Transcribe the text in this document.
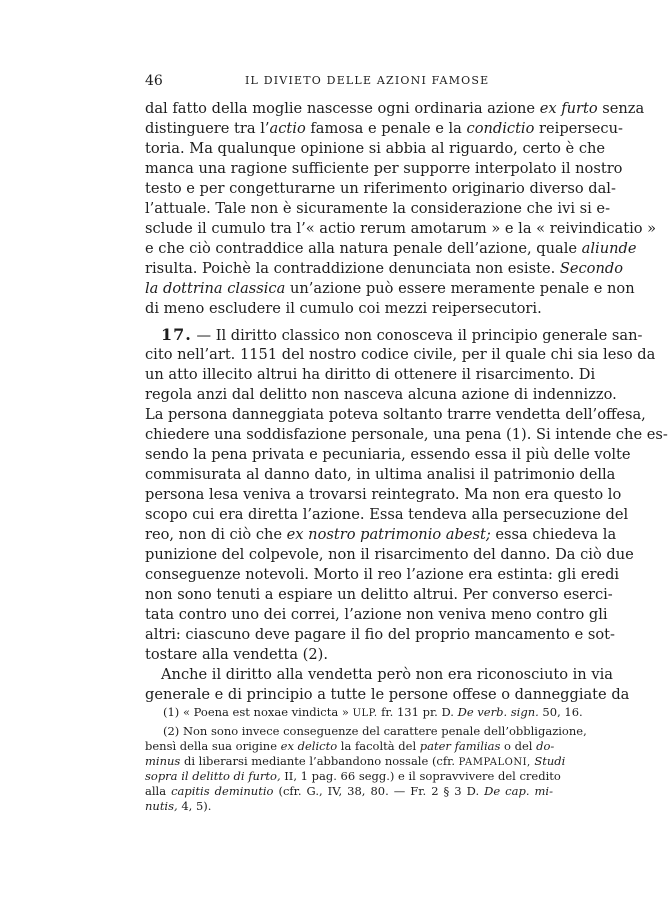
46	IL DIVIETO DELLE AZIONI FAMOSE
dal fatto della moglie nascesse ogni ordinaria azione ex furto senza
distinguere tra l’actio famosa e penale e la condictio reipersecu-
toria. Ma qualunque opinione si abbia al riguardo, certo è che
manca una ragione sufficiente per supporre interpolato il nostro
testo e per congetturarne un riferimento originario diverso dal-
l’attuale. Tale non è sicuramente la considerazione che ivi si e-
sclude il cumulo tra l’« actio rerum amotarum » e la « reivindicatio »
e che ciò contraddice alla natura penale dell’azione, quale aliunde
risulta. Poichè la contraddizione denunciata non esiste. Secondo
la dottrina classica un’azione può essere meramente penale e non
di meno escludere il cumulo coi mezzi reipersecutori.
17. — Il diritto classico non conosceva il principio generale san-
cito nell’art. 1151 del nostro codice civile, per il quale chi sia leso da
un atto illecito altrui ha diritto di ottenere il risarcimento. Di
regola anzi dal delitto non nasceva alcuna azione di indennizzo.
La persona danneggiata poteva soltanto trarre vendetta dell’offesa,
chiedere una soddisfazione personale, una pena (1). Si intende che es-
sendo la pena privata e pecuniaria, essendo essa il più delle volte
commisurata al danno dato, in ultima analisi il patrimonio della
persona lesa veniva a trovarsi reintegrato. Ma non era questo lo
scopo cui era diretta l’azione. Essa tendeva alla persecuzione del
reo, non di ciò che ex nostro patrimonio abest; essa chiedeva la
punizione del colpevole, non il risarcimento del danno. Da ciò due
conseguenze notevoli. Morto il reo l’azione era estinta: gli eredi
non sono tenuti a espiare un delitto altrui. Per converso eserci-
tata contro uno dei correi, l’azione non veniva meno contro gli
altri: ciascuno deve pagare il fio del proprio mancamento e sot-
tostare alla vendetta (2).
Anche il diritto alla vendetta però non era riconosciuto in via
generale e di principio a tutte le persone offese o danneggiate da
(1) « Poena est noxae vindicta » ULP. fr. 131 pr. D. De verb. sign. 50, 16.
(2) Non sono invece conseguenze del carattere penale dell’obbligazione,
bensì della sua origine ex delicto la facoltà del pater familias o del do-
minus di liberarsi mediante l’abbandono nossale (cfr. PAMPALONI, Studi
sopra il delitto di furto, II, 1 pag. 66 segg.) e il sopravvivere del credito
alla capitis deminutio (cfr. G., IV, 38, 80. — Fr. 2 § 3 D. De cap. mi-
nutis, 4, 5).
